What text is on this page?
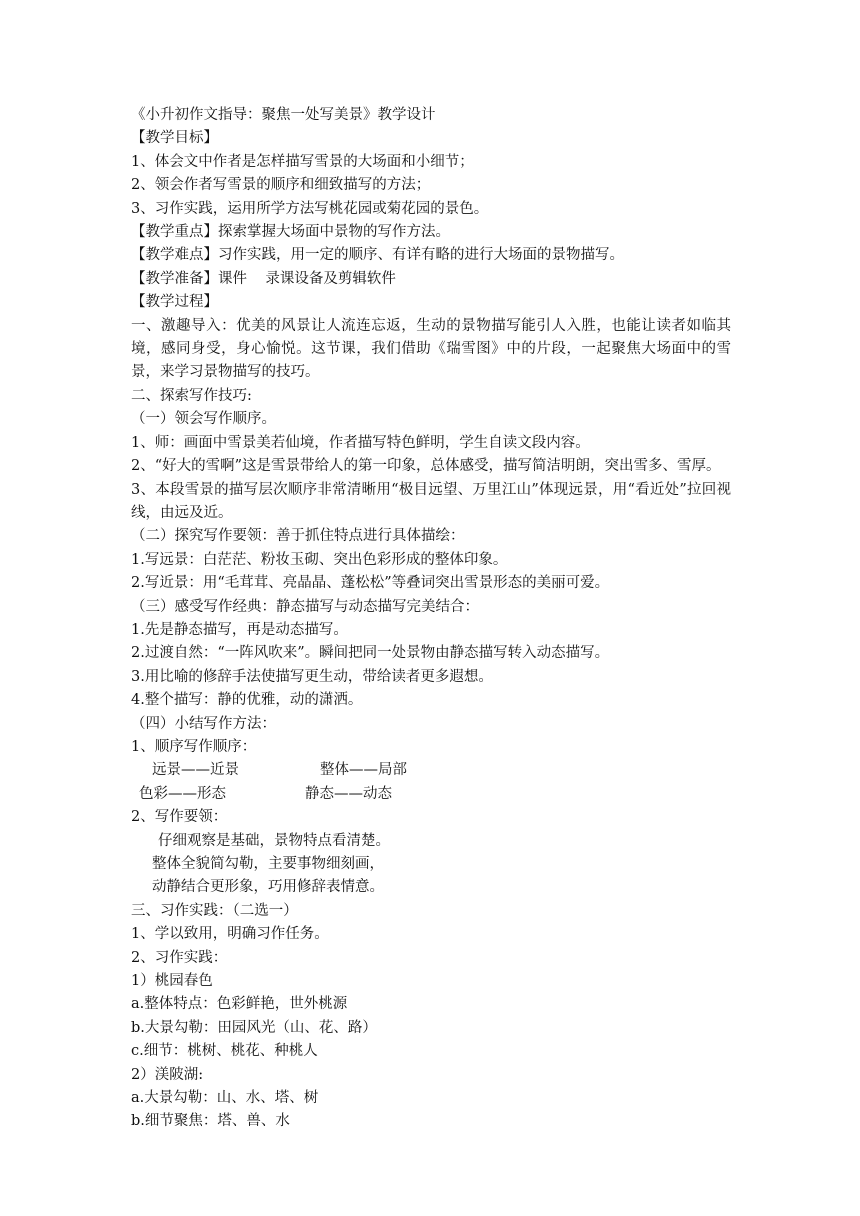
《小升初作文指导：聚焦一处写美景》教学设计
【教学目标】
1、体会文中作者是怎样描写雪景的大场面和小细节；
2、领会作者写雪景的顺序和细致描写的方法；
3、习作实践，运用所学方法写桃花园或菊花园的景色。
【教学重点】探索掌握大场面中景物的写作方法。
【教学难点】习作实践，用一定的顺序、有详有略的进行大场面的景物描写。
【教学准备】课件    录课设备及剪辑软件
【教学过程】
一、激趣导入：优美的风景让人流连忘返，生动的景物描写能引人入胜，也能让读者如临其境，感同身受，身心愉悦。这节课，我们借助《瑞雪图》中的片段，一起聚焦大场面中的雪景，来学习景物描写的技巧。
二、探索写作技巧:
（一）领会写作顺序。
1、师：画面中雪景美若仙境，作者描写特色鲜明，学生自读文段内容。
2、“好大的雪啊”这是雪景带给人的第一印象，总体感受，描写简洁明朗，突出雪多、雪厚。
3、本段雪景的描写层次顺序非常清晰用“极目远望、万里江山”体现远景，用“看近处”拉回视线，由远及近。
（二）探究写作要领：善于抓住特点进行具体描绘：
1.写远景：白茫茫、粉妆玉砌、突出色彩形成的整体印象。
2.写近景：用“毛茸茸、亮晶晶、蓬松松”等叠词突出雪景形态的美丽可爱。
（三）感受写作经典：静态描写与动态描写完美结合：
1.先是静态描写，再是动态描写。
2.过渡自然：“一阵风吹来”。瞬间把同一处景物由静态描写转入动态描写。
3.用比喻的修辞手法使描写更生动，带给读者更多遐想。
4.整个描写：静的优雅，动的潇洒。
（四）小结写作方法：
1、顺序写作顺序：
远景——近景	整体——局部
色彩——形态	静态——动态
2、写作要领：
仔细观察是基础，景物特点看清楚。
整体全貌简勾勒，主要事物细刻画，
动静结合更形象，巧用修辞表情意。
三、习作实践：（二选一）
1、学以致用，明确习作任务。
2、习作实践：
1）桃园春色
a.整体特点：色彩鲜艳，世外桃源
b.大景勾勒：田园风光（山、花、路）
c.细节：桃树、桃花、种桃人
2）渼陂湖:
a.大景勾勒：山、水、塔、树
b.细节聚焦：塔、兽、水
